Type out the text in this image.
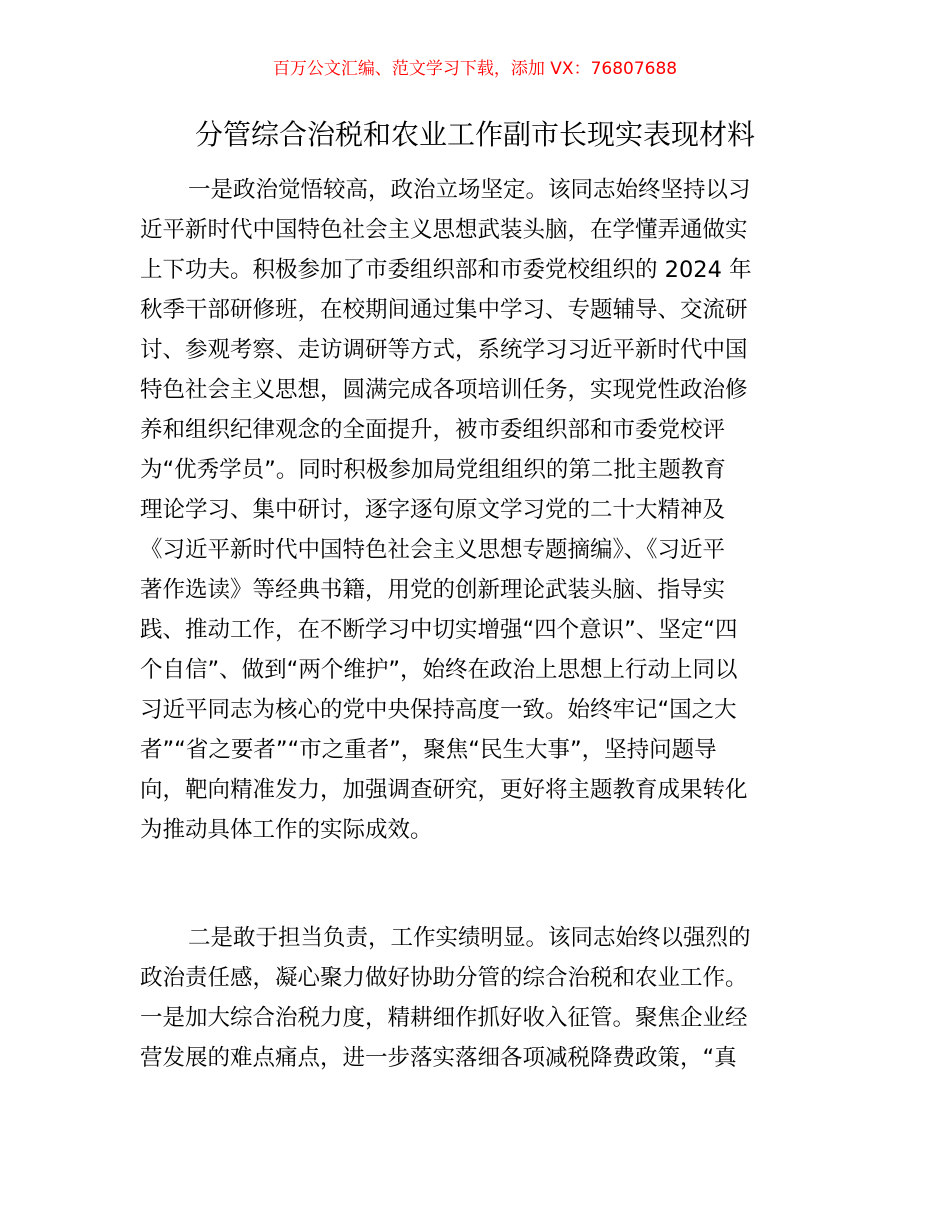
百万公文汇编、范文学习下载，添加 VX：76807688
分管综合治税和农业工作副市长现实表现材料
一是政治觉悟较高，政治立场坚定。该同志始终坚持以习
近平新时代中国特色社会主义思想武装头脑，在学懂弄通做实
上下功夫。积极参加了市委组织部和市委党校组织的 2024 年
秋季干部研修班，在校期间通过集中学习、专题辅导、交流研
讨、参观考察、走访调研等方式，系统学习习近平新时代中国
特色社会主义思想，圆满完成各项培训任务，实现党性政治修
养和组织纪律观念的全面提升，被市委组织部和市委党校评
为“优秀学员”。同时积极参加局党组组织的第二批主题教育
理论学习、集中研讨，逐字逐句原文学习党的二十大精神及
《习近平新时代中国特色社会主义思想专题摘编》、《习近平
著作选读》等经典书籍，用党的创新理论武装头脑、指导实
践、推动工作，在不断学习中切实增强“四个意识”、坚定“四
个自信”、做到“两个维护”，始终在政治上思想上行动上同以
习近平同志为核心的党中央保持高度一致。始终牢记“国之大
者”“省之要者”“市之重者”，聚焦“民生大事”，坚持问题导
向，靶向精准发力，加强调查研究，更好将主题教育成果转化
为推动具体工作的实际成效。
二是敢于担当负责，工作实绩明显。该同志始终以强烈的
政治责任感，凝心聚力做好协助分管的综合治税和农业工作。
一是加大综合治税力度，精耕细作抓好收入征管。聚焦企业经
营发展的难点痛点，进一步落实落细各项减税降费政策，“真
